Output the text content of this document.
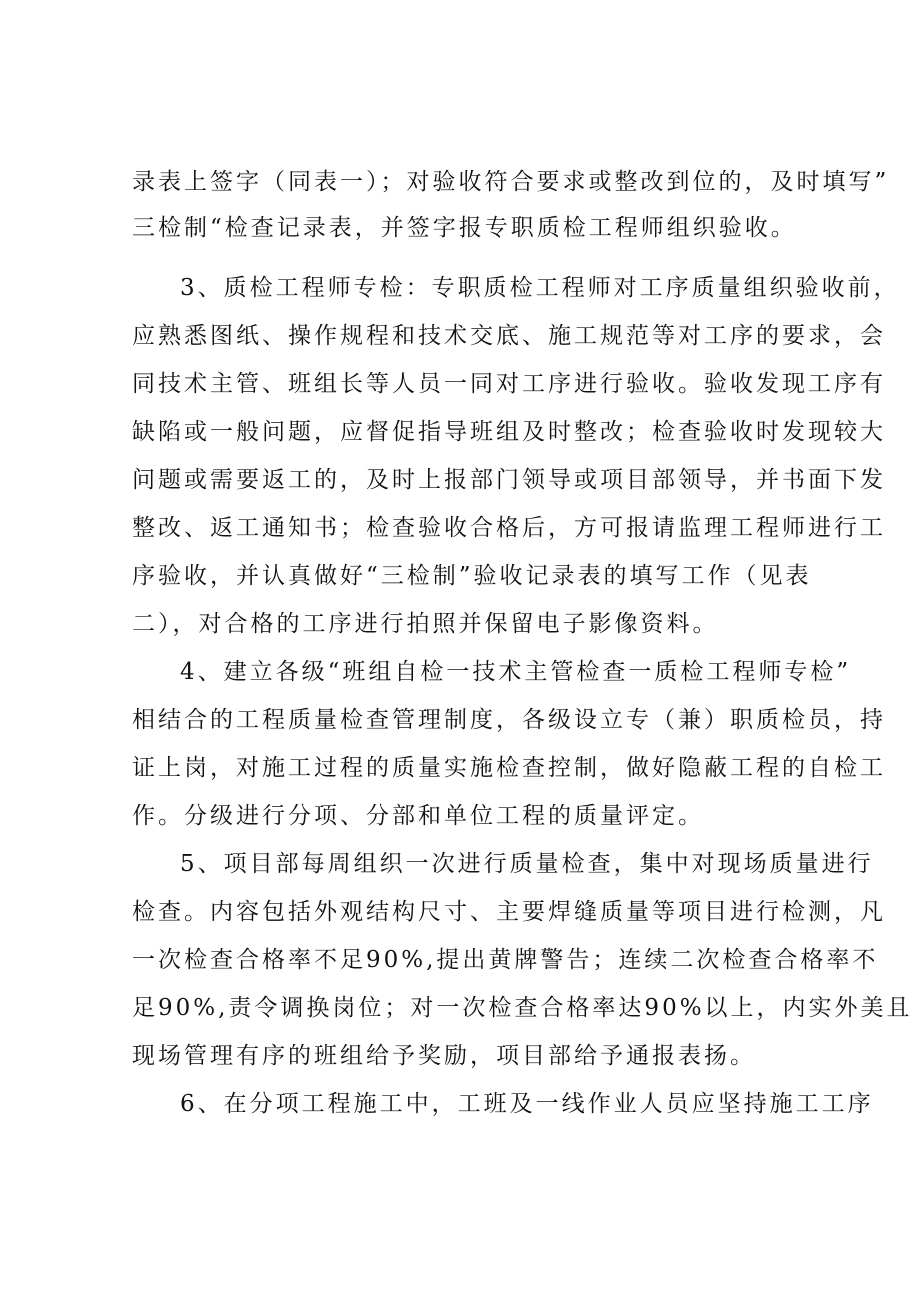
录表上签字（同表一）；对验收符合要求或整改到位的，及时填写”
三检制“检查记录表，并签字报专职质检工程师组织验收。
3、质检工程师专检：专职质检工程师对工序质量组织验收前，
应熟悉图纸、操作规程和技术交底、施工规范等对工序的要求，会
同技术主管、班组长等人员一同对工序进行验收。验收发现工序有
缺陷或一般问题，应督促指导班组及时整改；检查验收时发现较大
问题或需要返工的，及时上报部门领导或项目部领导，并书面下发
整改、返工通知书；检查验收合格后，方可报请监理工程师进行工
序验收，并认真做好“三检制”验收记录表的填写工作（见表
二），对合格的工序进行拍照并保留电子影像资料。
4、建立各级“班组自检一技术主管检查一质检工程师专检”
相结合的工程质量检查管理制度，各级设立专（兼）职质检员，持
证上岗，对施工过程的质量实施检查控制，做好隐蔽工程的自检工
作。分级进行分项、分部和单位工程的质量评定。
5、项目部每周组织一次进行质量检查，集中对现场质量进行
检查。内容包括外观结构尺寸、主要焊缝质量等项目进行检测，凡
一次检查合格率不足90%,提出黄牌警告；连续二次检查合格率不
足90%,责令调换岗位；对一次检查合格率达90%以上，内实外美且
现场管理有序的班组给予奖励，项目部给予通报表扬。
6、在分项工程施工中，工班及一线作业人员应坚持施工工序
